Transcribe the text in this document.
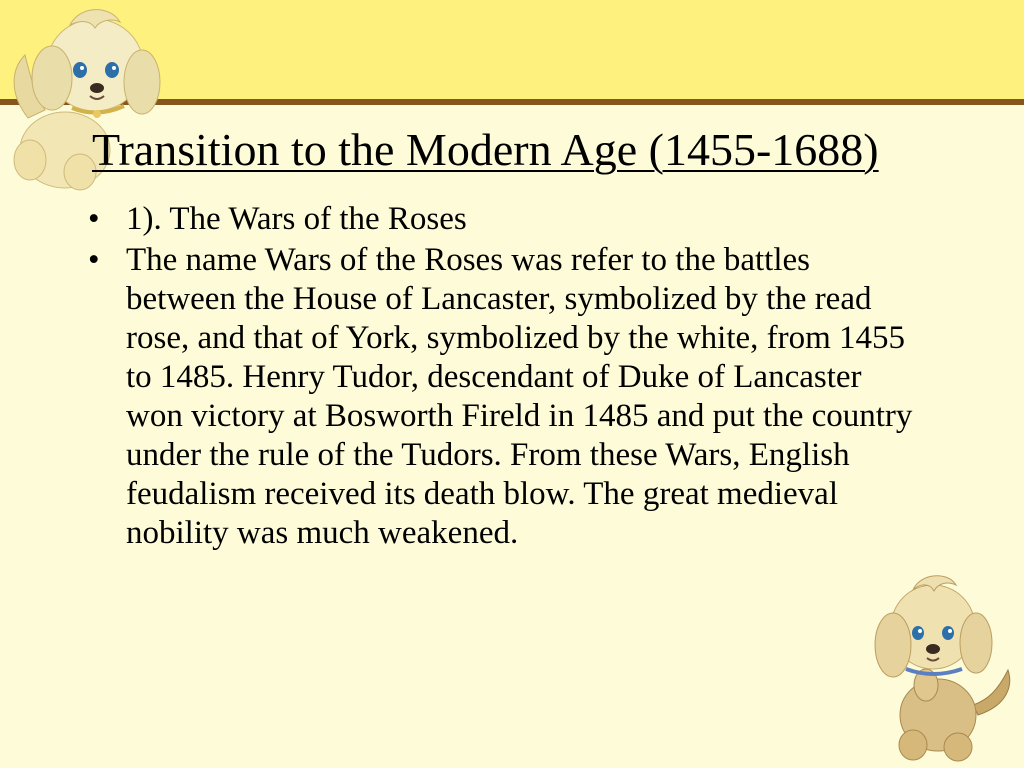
Transition to the Modern Age (1455-1688)
• 1). The Wars of the Roses
• The name Wars of the Roses was refer to the battles between the House of Lancaster, symbolized by the read rose, and that of York, symbolized by the white, from 1455 to 1485. Henry Tudor, descendant of Duke of Lancaster won victory at Bosworth Fireld in 1485 and put the country under the rule of the Tudors. From these Wars, English feudalism received its death blow. The great medieval nobility was much weakened.
